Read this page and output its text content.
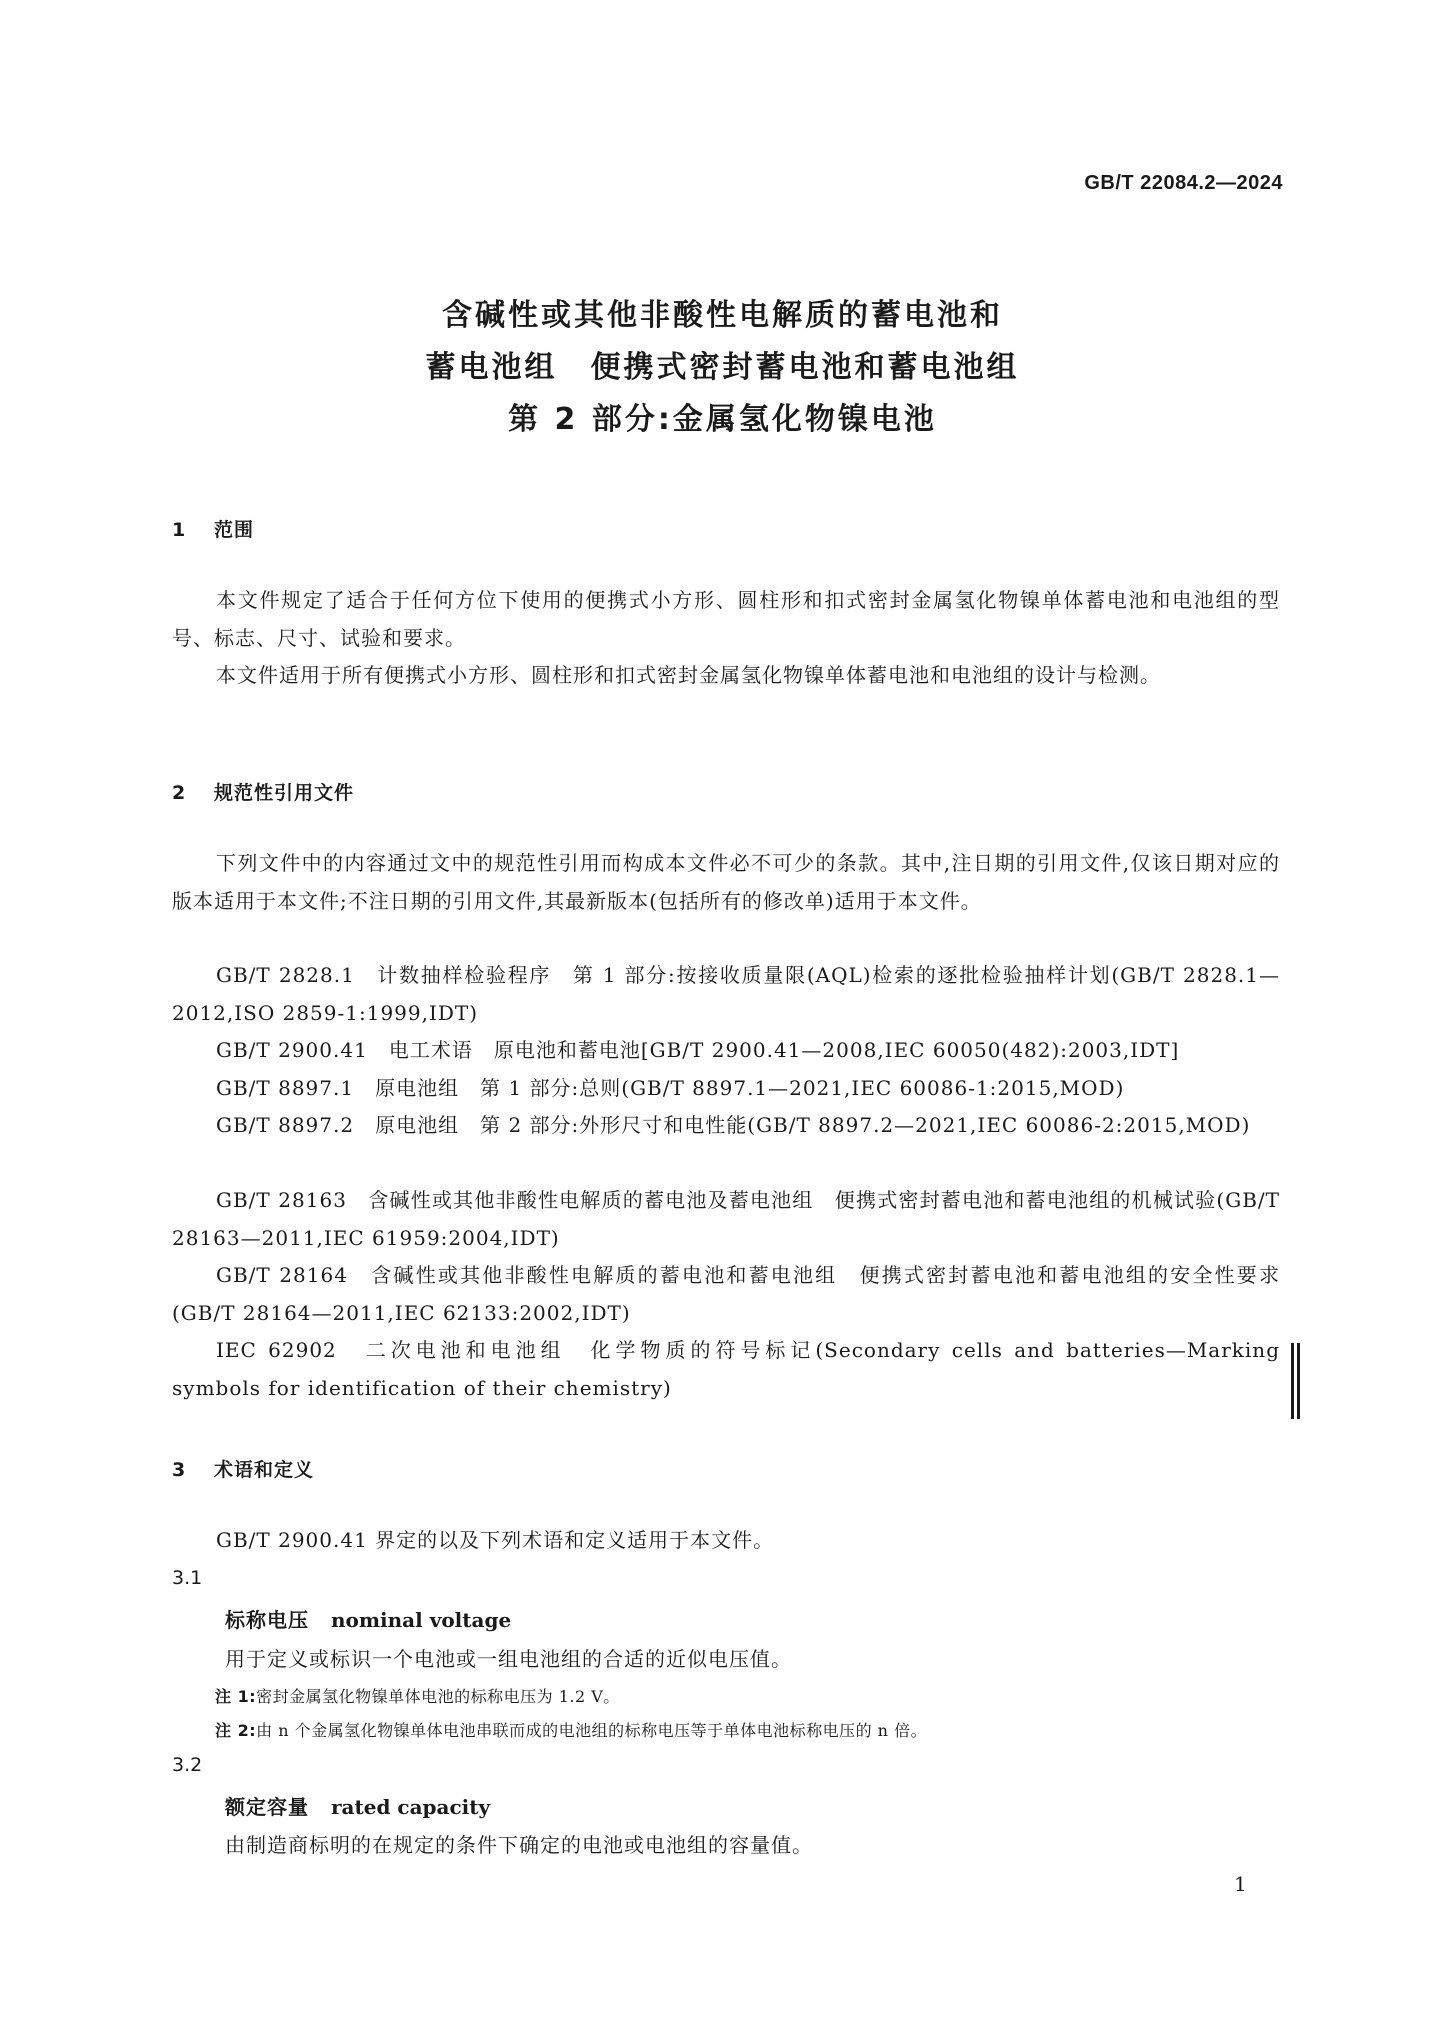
GB/T 22084.2—2024
含碱性或其他非酸性电解质的蓄电池和
蓄电池组　便携式密封蓄电池和蓄电池组
第 2 部分:金属氢化物镍电池
1 范围
本文件规定了适合于任何方位下使用的便携式小方形、圆柱形和扣式密封金属氢化物镍单体蓄电池和电池组的型号、标志、尺寸、试验和要求。
本文件适用于所有便携式小方形、圆柱形和扣式密封金属氢化物镍单体蓄电池和电池组的设计与检测。
2 规范性引用文件
下列文件中的内容通过文中的规范性引用而构成本文件必不可少的条款。其中,注日期的引用文件,仅该日期对应的版本适用于本文件;不注日期的引用文件,其最新版本(包括所有的修改单)适用于本文件。
GB/T 2828.1　计数抽样检验程序　第 1 部分:按接收质量限(AQL)检索的逐批检验抽样计划(GB/T 2828.1—2012,ISO 2859-1:1999,IDT)
GB/T 2900.41　电工术语　原电池和蓄电池[GB/T 2900.41—2008,IEC 60050(482):2003,IDT]
GB/T 8897.1　原电池组　第 1 部分:总则(GB/T 8897.1—2021,IEC 60086-1:2015,MOD)
GB/T 8897.2　原电池组　第 2 部分:外形尺寸和电性能(GB/T 8897.2—2021,IEC 60086-2:2015,MOD)
GB/T 28163　含碱性或其他非酸性电解质的蓄电池及蓄电池组　便携式密封蓄电池和蓄电池组的机械试验(GB/T 28163—2011,IEC 61959:2004,IDT)
GB/T 28164　含碱性或其他非酸性电解质的蓄电池和蓄电池组　便携式密封蓄电池和蓄电池组的安全性要求(GB/T 28164—2011,IEC 62133:2002,IDT)
IEC 62902　二次电池和电池组　化学物质的符号标记(Secondary cells and batteries—Marking symbols for identification of their chemistry)
3 术语和定义
GB/T 2900.41 界定的以及下列术语和定义适用于本文件。
3.1
标称电压 nominal voltage
用于定义或标识一个电池或一组电池组的合适的近似电压值。
注 1:密封金属氢化物镍单体电池的标称电压为 1.2 V。
注 2:由 n 个金属氢化物镍单体电池串联而成的电池组的标称电压等于单体电池标称电压的 n 倍。
3.2
额定容量 rated capacity
由制造商标明的在规定的条件下确定的电池或电池组的容量值。
1
